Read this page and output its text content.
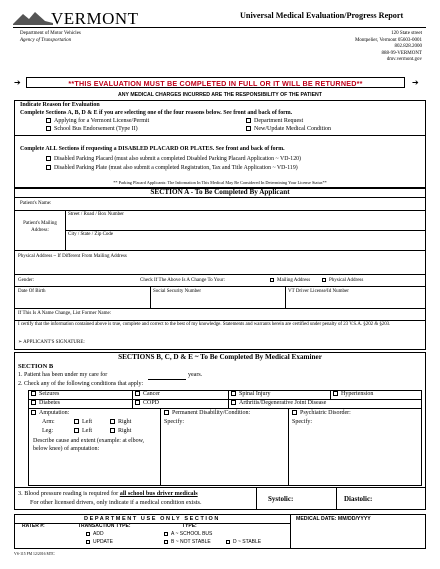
VERMONT	Universal Medical Evaluation/Progress Report
Department of Motor Vehicles
Agency of Transportation
120 State street
Montpelier, Vermont 05603-0001
802.828.2000
888-99-VERMONT
dmv.vermont.gov
➔	**THIS EVALUATION MUST BE COMPLETED IN FULL OR IT WILL BE RETURNED**	➔
ANY MEDICAL CHARGES INCURRED ARE THE RESPONSIBILITY OF THE PATIENT
Indicate Reason for Evaluation
Complete Sections A, B, D & E if you are selecting one of the four reasons below. See front and back of form.
Applying for a Vermont License/Permit
School Bus Endorsement (Type II)
Department Request
New/Update Medical Condition
Complete ALL Sections if requesting a DISABLED PLACARD OR PLATES. See front and back of form.
Disabled Parking Placard (must also submit a completed Disabled Parking Placard Application ~ VD-120)
Disabled Parking Plate (must also submit a completed Registration, Tax and Title Application ~ VD-119)
** Parking Placard Applicants: The Information In This Medical May Be Considered In Determining Your License Status**
SECTION A - To Be Completed By Applicant
Patient's Name:
Street / Road / Box Number
Patient's Mailing Address:
City / State / Zip Code
Physical Address ~ If Different From Mailing Address
Gender:	Check If The Above Is A Change To Your:	Mailing Address	Physical Address
Date Of Birth	Social Security Number	VT Driver License/Id Number
If This Is A Name Change, List Former Name:
I certify that the information contained above is true, complete and correct to the best of my knowledge. Statements and warrants herein are certified under penalty of 23 V.S.A. §202 & §203.
➢ APPLICANT'S SIGNATURE:
SECTIONS B, C, D & E ~ To Be Completed By Medical Examiner
SECTION B
1. Patient has been under my care for	years.
2. Check any of the following conditions that apply:
Seizures	Cancer	Spinal Injury	Hypertension
Diabetes	COPD	Arthritis/Degenerative Joint Disease
Amputation:
Arm:	Left	Right
Leg:	Left	Right
Describe cause and extent (example: at elbow, below knee) of amputation:
Permanent Disability/Condition:
Specify:
Psychiatric Disorder:
Specify:
3. Blood pressure reading is required for all school bus driver medicals
For other licensed drivers, only indicate if a medical condition exists.	Systolic:	Diastolic:
DEPARTMENT USE ONLY SECTION	MEDICAL DATE: MM/DD/YYYY
RATER #:	TRANSACTION TYPE:	TYPE:
ADD
UPDATE
A ~ SCHOOL BUS
B ~ NOT STABLE	D ~ STABLE
VS-115 FM 12/2016 MTC
